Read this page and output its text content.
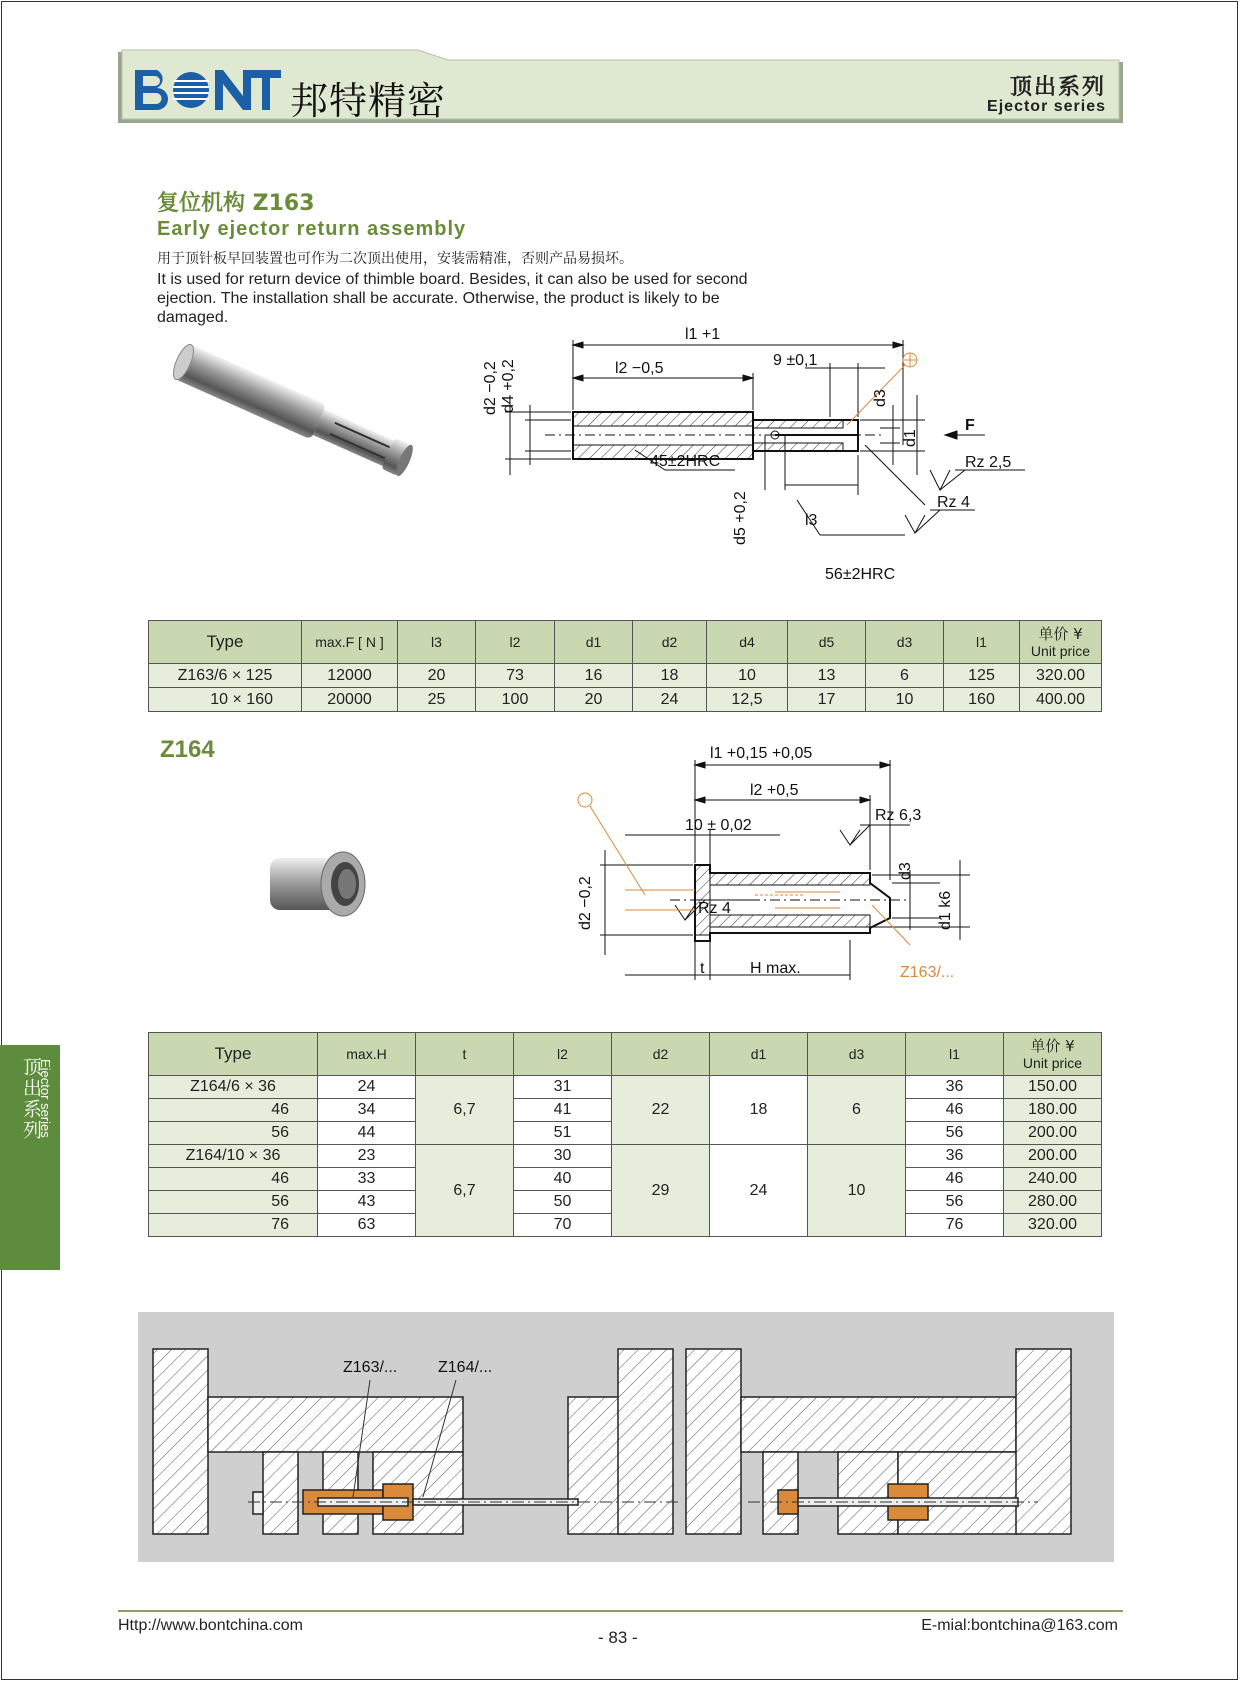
邦特精密	顶出系列
Ejector series
复位机构 Z163
Early ejector return assembly
用于顶针板早回装置也可作为二次顶出使用，安装需精准，否则产品易损坏。
It is used for return device of thimble board. Besides, it can also be used for second ejection. The installation shall be accurate. Otherwise, the product is likely to be damaged.
l1 +1
l2 −0,5	9 ±0,1
d2 −0,2 d4 +0,2	d3
d1
F
45±2HRC
d5 +0,2	l3
Rz 2,5
Rz 4
56±2HRC
Type	max.F [ N ]	l3	l2	d1	d2	d4	d5	d3	l1	单价 ¥
Unit price

Z163/6 × 125	12000	20	73	16	18	10	13	6	125	320.00
10 × 160	20000	25	100	20	24	12,5	17	10	160	400.00
Z164	l1 +0,15 +0,05
l2 +0,5
10 ± 0,02
Rz 6,3
d3
d1 k6
d2 −0,2	Rz 4
t	H max.	Z163/...
Type	max.H	t	l2	d2	d1	d3	l1	单价 ¥
Unit price

Z164/6 × 36	24	6,7	31	22	18	6	36	150.00
46	34		41				46	180.00
56	44		51				56	200.00
Z164/10 × 36	23	6,7	30	29	24	10	36	200.00
46	33		40				46	240.00
56	43		50				56	280.00
76	63		70				76	320.00
顶出系列
Ejector series
Z163/...	Z164/...
Http://www.bontchina.com
- 83 -
E-mial:bontchina@163.com
